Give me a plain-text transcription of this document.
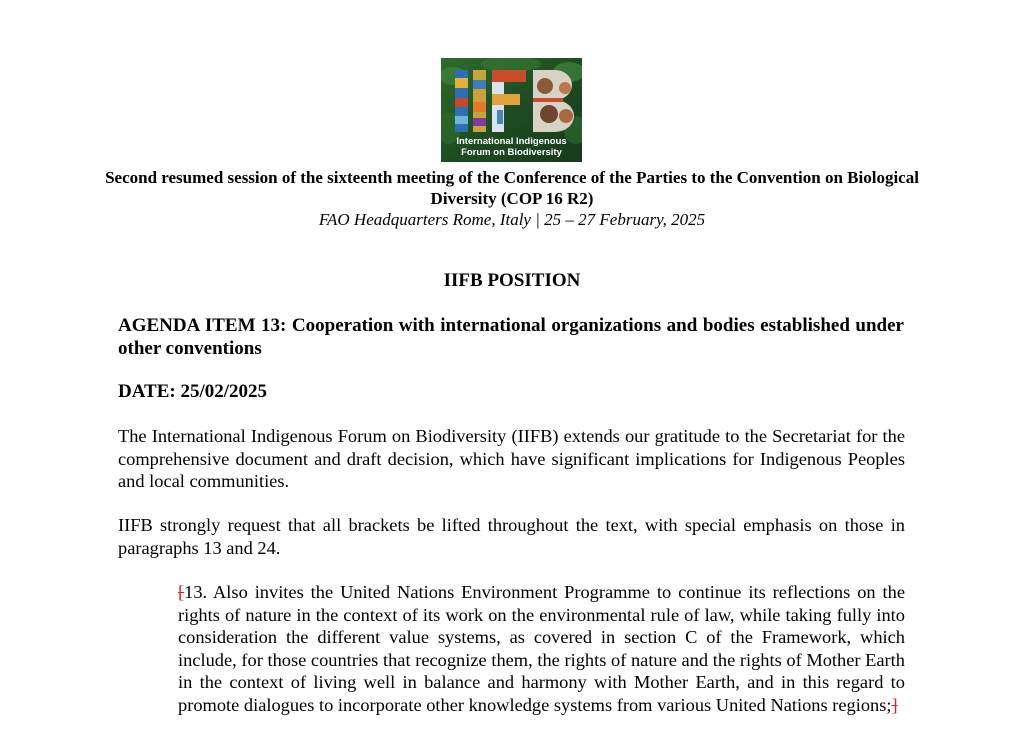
International Indigenous
Forum on Biodiversity
Second resumed session of the sixteenth meeting of the Conference of the Parties to the Convention on Biological Diversity (COP 16 R2)
FAO Headquarters Rome, Italy | 25 – 27 February, 2025
IIFB POSITION
AGENDA ITEM 13: Cooperation with international organizations and bodies established under other conventions
DATE: 25/02/2025
The International Indigenous Forum on Biodiversity (IIFB) extends our gratitude to the Secretariat for the comprehensive document and draft decision, which have significant implications for Indigenous Peoples and local communities.
IIFB strongly request that all brackets be lifted throughout the text, with special emphasis on those in paragraphs 13 and 24.
[13. Also invites the United Nations Environment Programme to continue its reflections on the rights of nature in the context of its work on the environmental rule of law, while taking fully into consideration the different value systems, as covered in section C of the Framework, which include, for those countries that recognize them, the rights of nature and the rights of Mother Earth in the context of living well in balance and harmony with Mother Earth, and in this regard to promote dialogues to incorporate other knowledge systems from various United Nations regions;]
